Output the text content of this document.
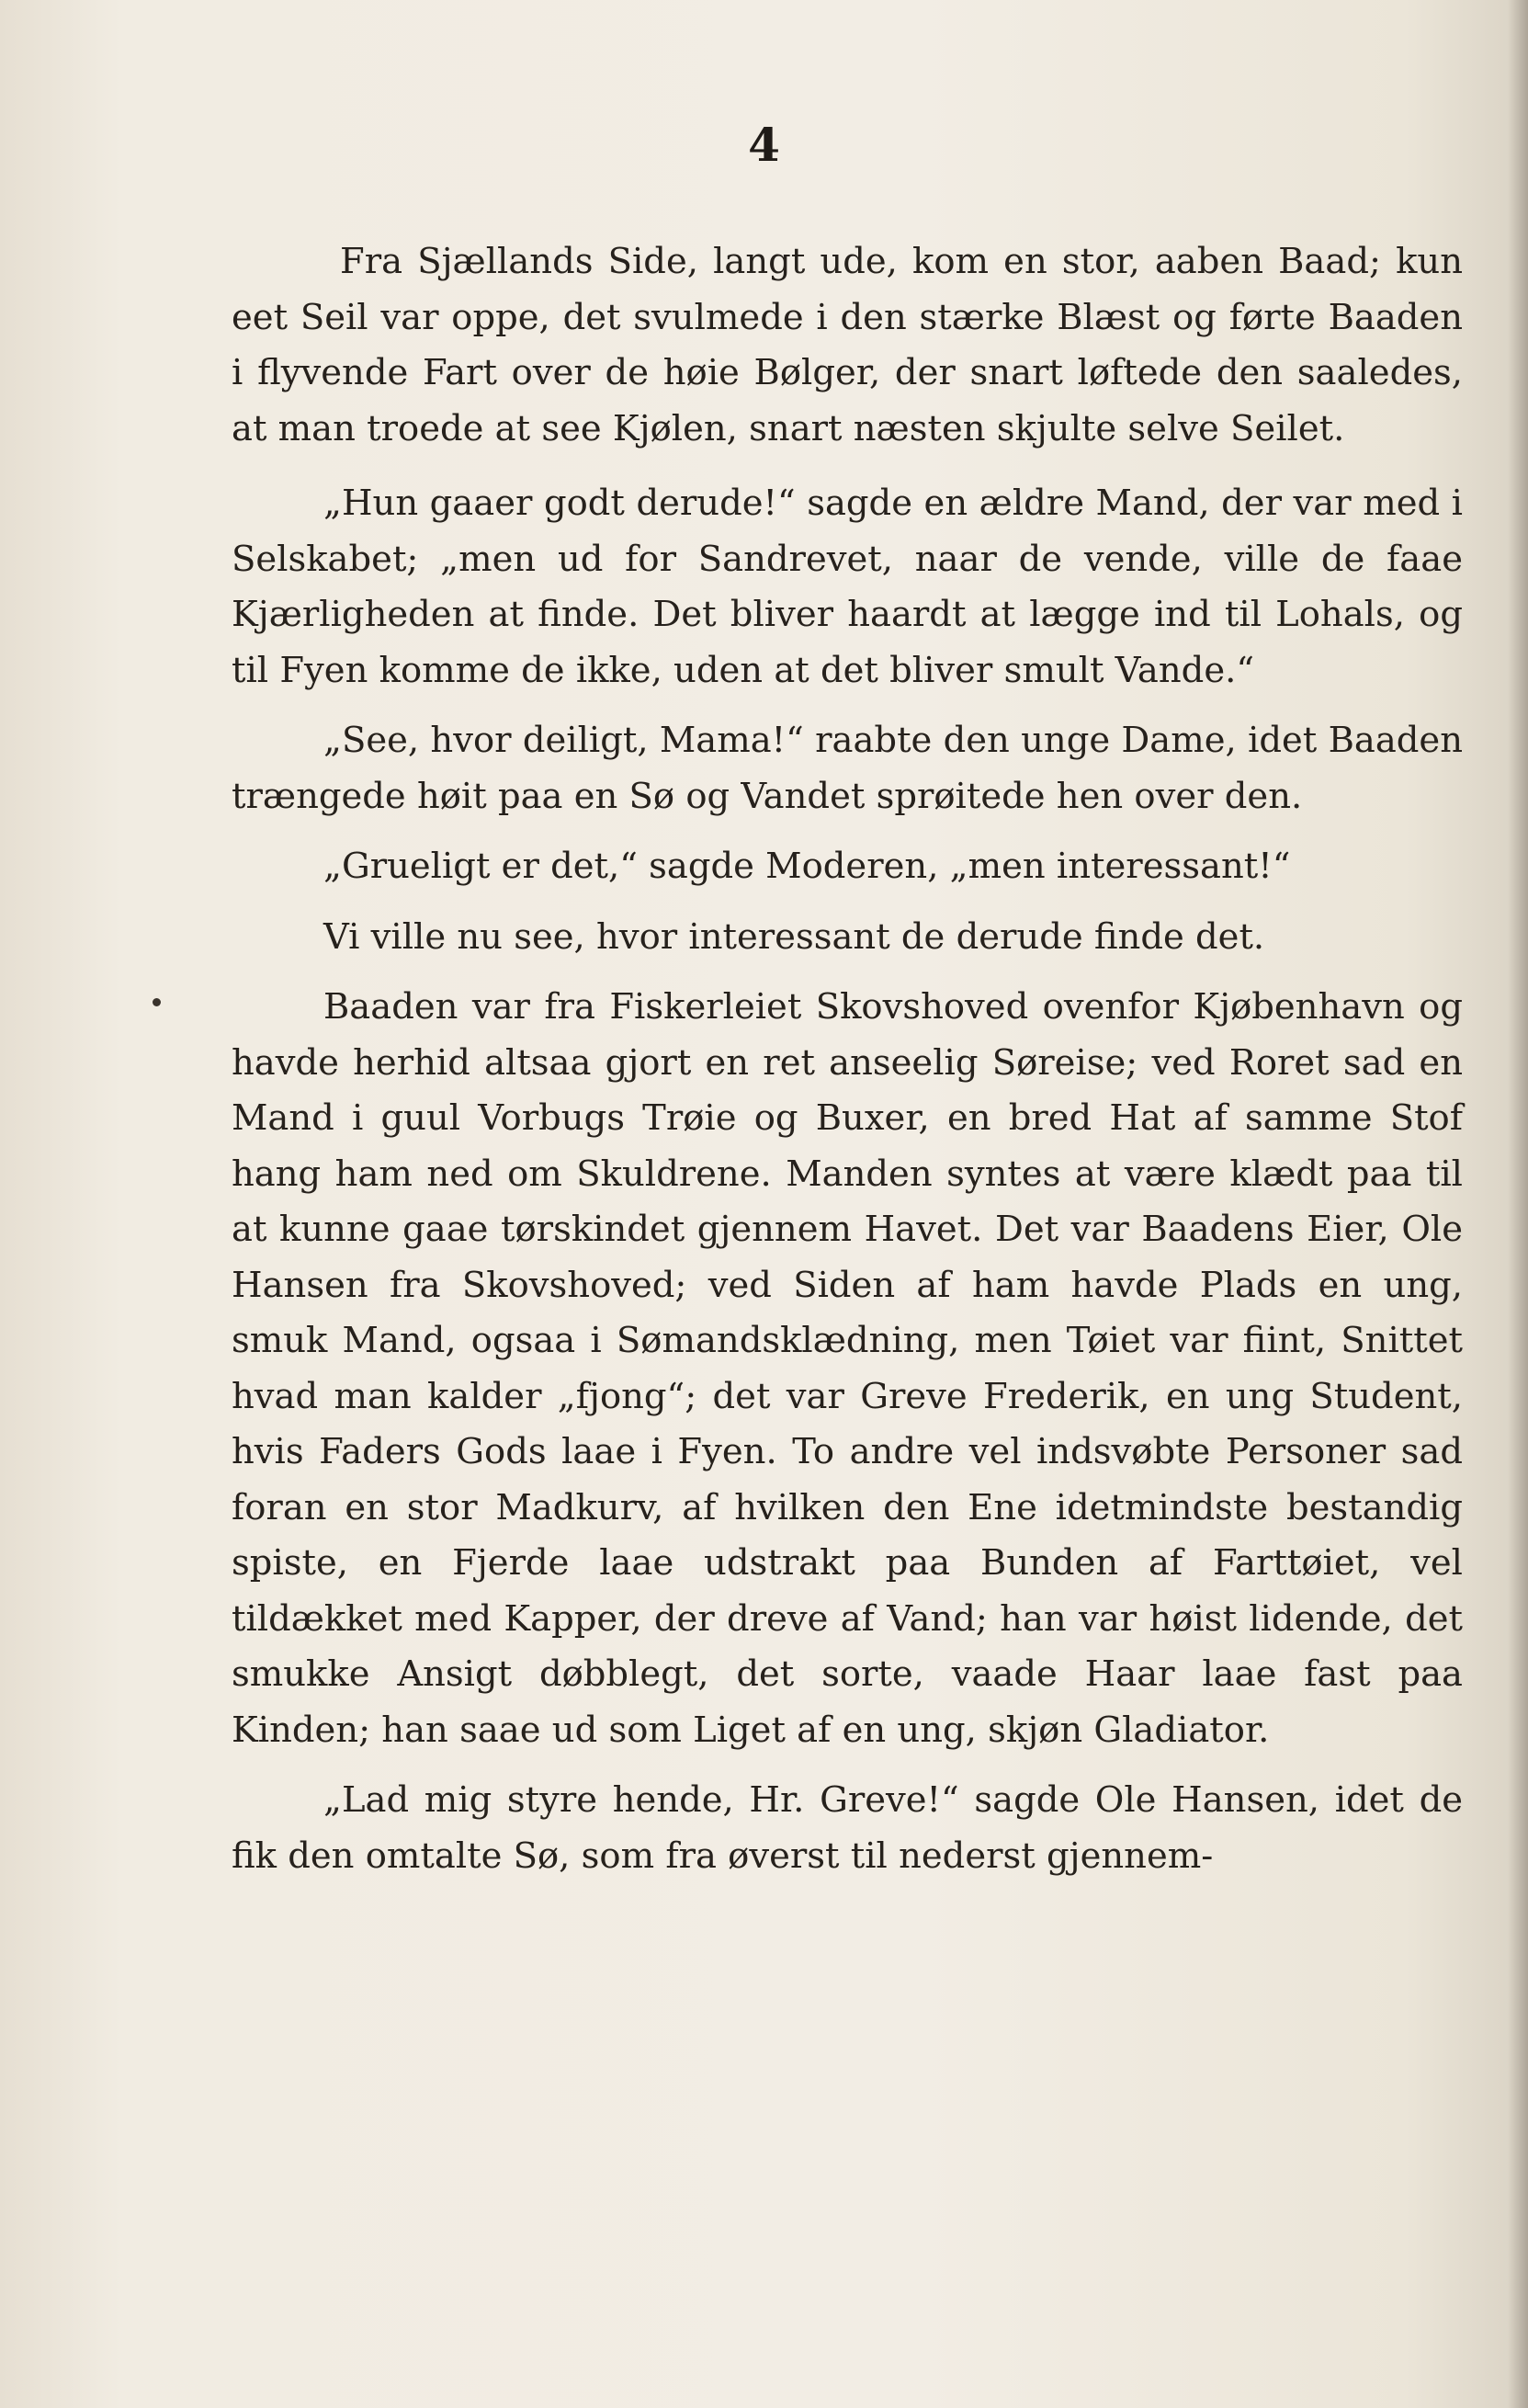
4

Fra Sjællands Side, langt ude, kom en stor, aaben Baad; kun eet Seil var oppe, det svulmede i den stærke Blæst og førte Baaden i flyvende Fart over de høie Bølger, der snart løftede den saaledes, at man troede at see Kjølen, snart næsten skjulte selve Seilet.

„Hun gaaer godt derude!“ sagde en ældre Mand, der var med i Selskabet; „men ud for Sandrevet, naar de vende, ville de faae Kjærligheden at finde. Det bliver haardt at lægge ind til Lohals, og til Fyen komme de ikke, uden at det bliver smult Vande.“

„See, hvor deiligt, Mama!“ raabte den unge Dame, idet Baaden trængede høit paa en Sø og Vandet sprøitede hen over den.

„Grueligt er det,“ sagde Moderen, „men interessant!“

Vi ville nu see, hvor interessant de derude finde det.

Baaden var fra Fiskerleiet Skovshoved ovenfor Kjøbenhavn og havde herhid altsaa gjort en ret anseelig Søreise; ved Roret sad en Mand i guul Vorbugs Trøie og Buxer, en bred Hat af samme Stof hang ham ned om Skuldrene. Manden syntes at være klædt paa til at kunne gaae tørskindet gjennem Havet. Det var Baadens Eier, Ole Hansen fra Skovshoved; ved Siden af ham havde Plads en ung, smuk Mand, ogsaa i Sømandsklædning, men Tøiet var fiint, Snittet hvad man kalder „fjong“; det var Greve Frederik, en ung Student, hvis Faders Gods laae i Fyen. To andre vel indsvøbte Personer sad foran en stor Madkurv, af hvilken den Ene idetmindste bestandig spiste, en Fjerde laae udstrakt paa Bunden af Farttøiet, vel tildækket med Kapper, der dreve af Vand; han var høist lidende, det smukke Ansigt døbblegt, det sorte, vaade Haar laae fast paa Kinden; han saae ud som Liget af en ung, skjøn Gladiator.

„Lad mig styre hende, Hr. Greve!“ sagde Ole Hansen, idet de fik den omtalte Sø, som fra øverst til nederst gjennem-
